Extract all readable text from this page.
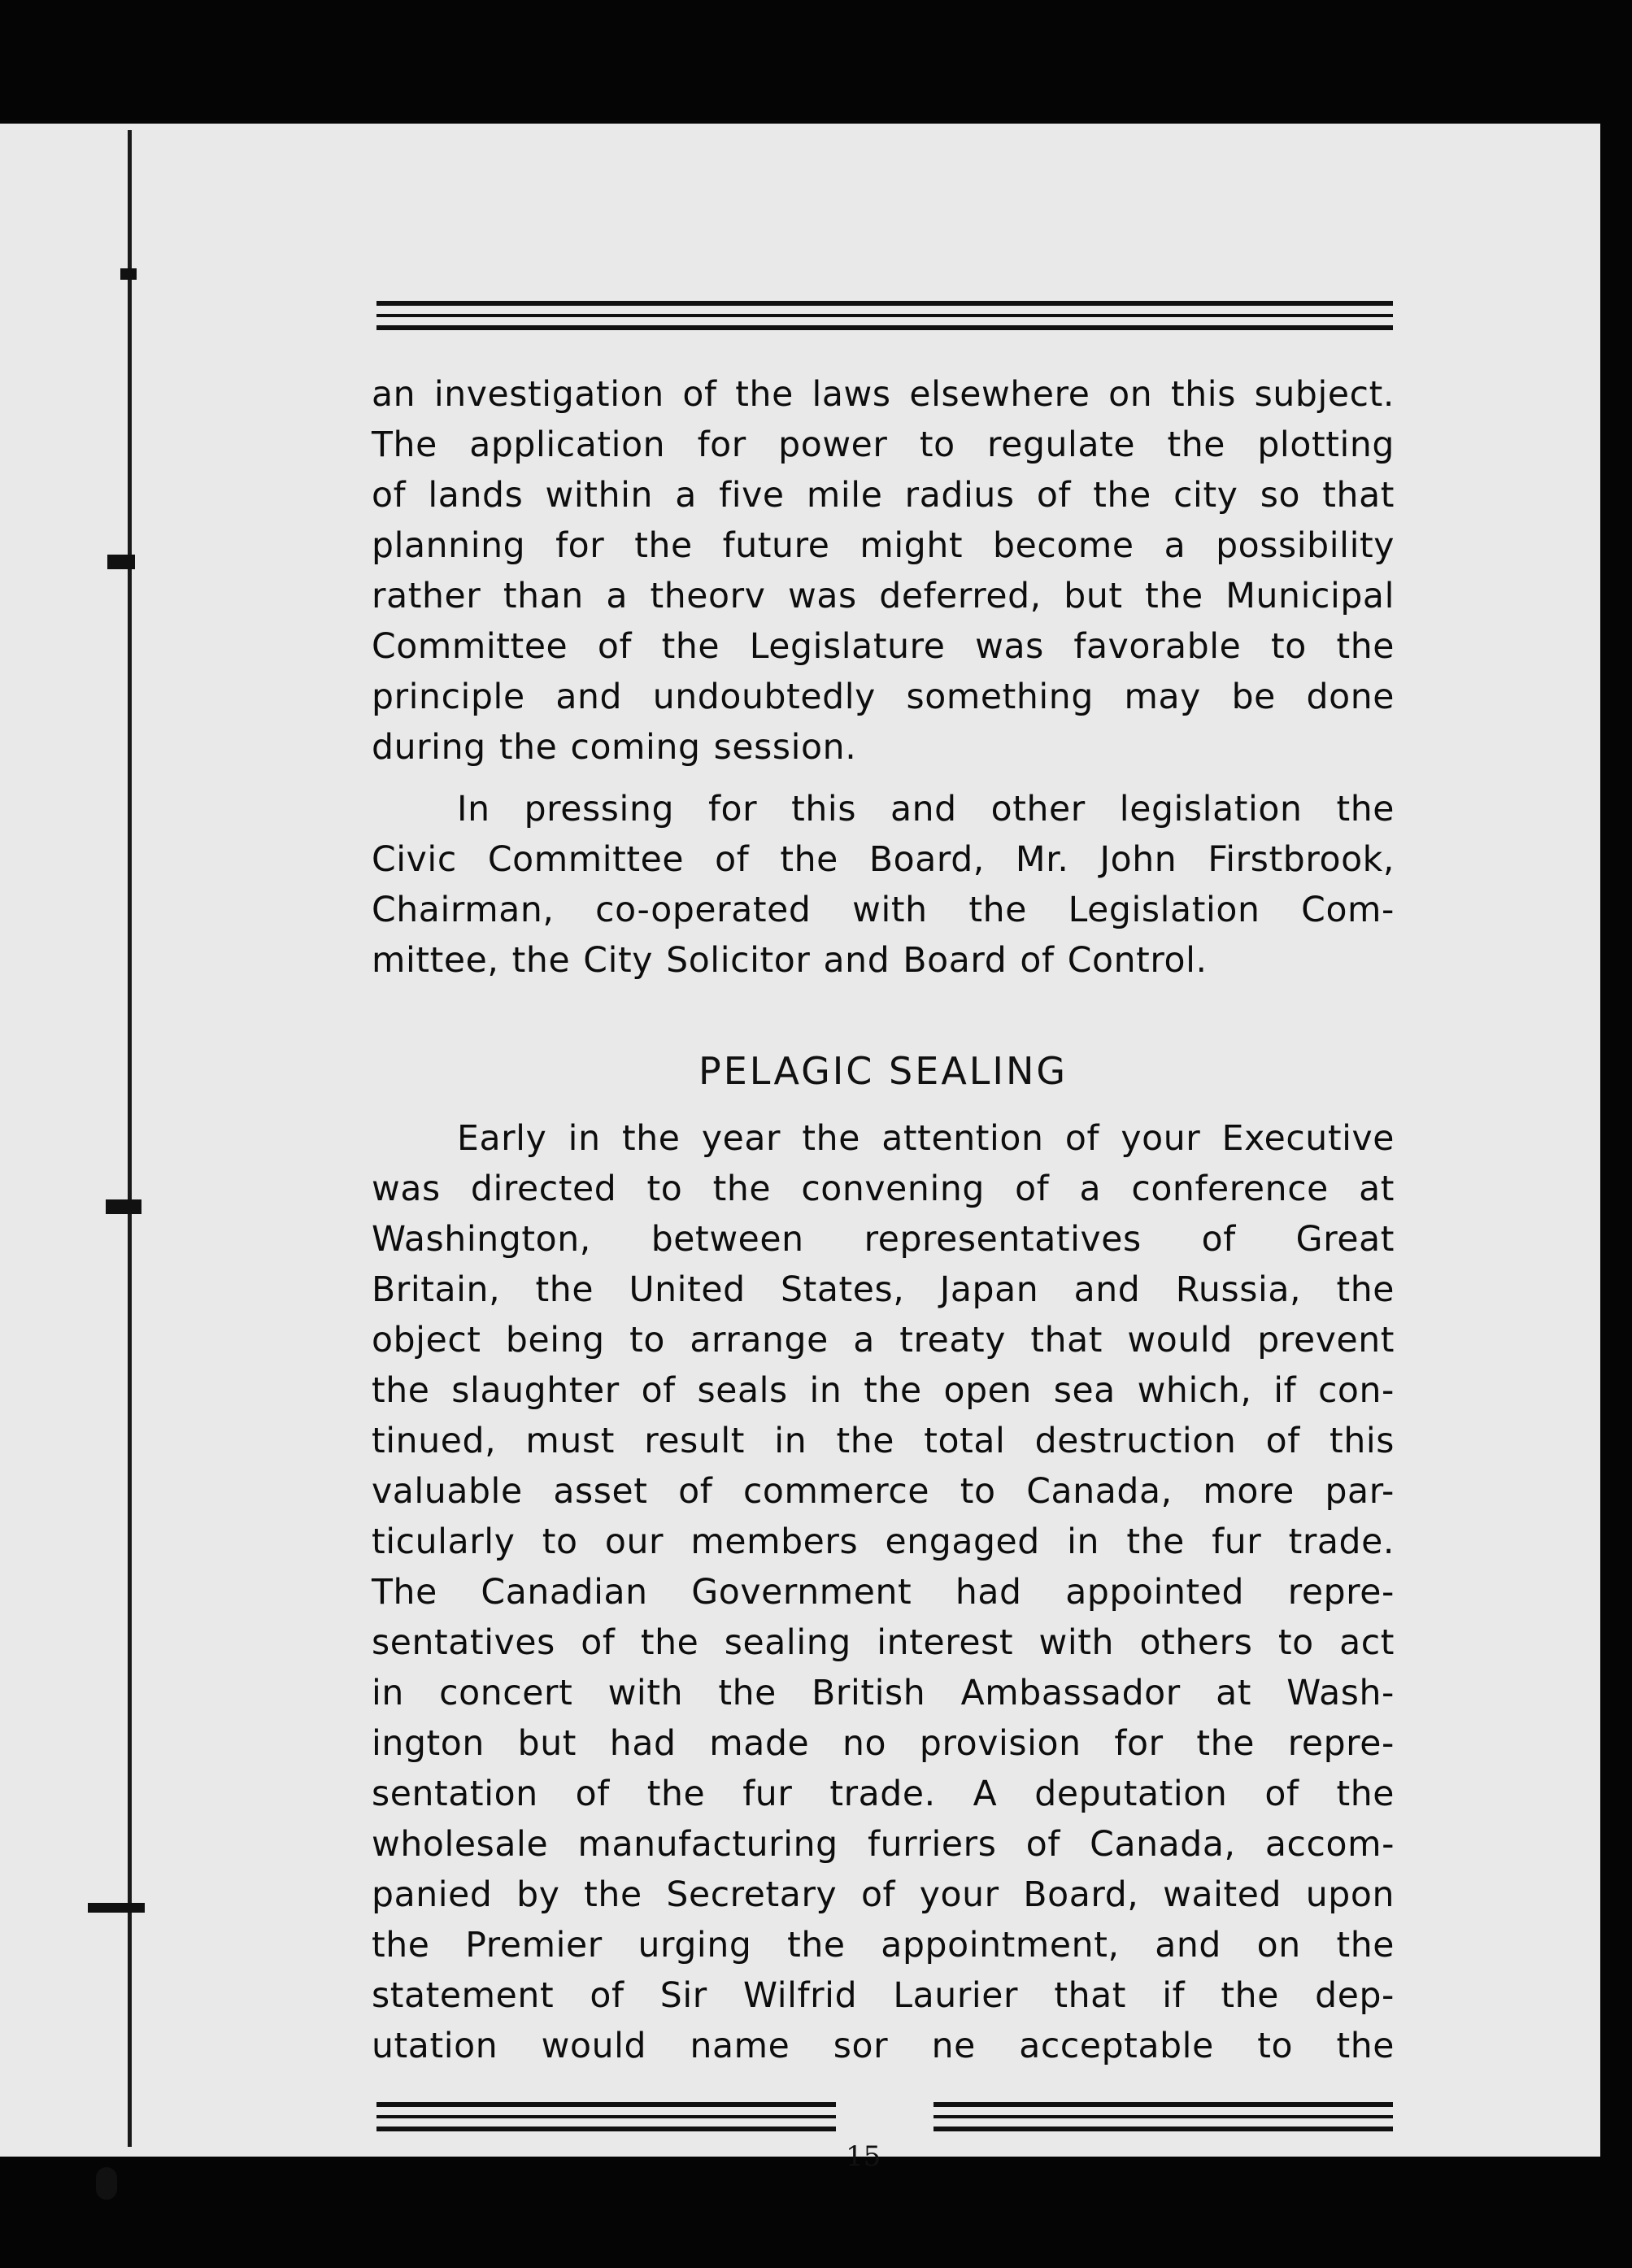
an investigation of the laws elsewhere on this subject.
The application for power to regulate the plotting
of lands within a five mile radius of the city so that
planning for the future might become a possibility
rather than a theorv was deferred, but the Municipal
Committee of the Legislature was favorable to the
principle and undoubtedly something may be done
during the coming session.

In pressing for this and other legislation the
Civic Committee of the Board, Mr. John Firstbrook,
Chairman, co-operated with the Legislation Com-
mittee, the City Solicitor and Board of Control.

PELAGIC SEALING

Early in the year the attention of your Executive
was directed to the convening of a conference at
Washington, between representatives of Great
Britain, the United States, Japan and Russia, the
object being to arrange a treaty that would prevent
the slaughter of seals in the open sea which, if con-
tinued, must result in the total destruction of this
valuable asset of commerce to Canada, more par-
ticularly to our members engaged in the fur trade.
The Canadian Government had appointed repre-
sentatives of the sealing interest with others to act
in concert with the British Ambassador at Wash-
ington but had made no provision for the repre-
sentation of the fur trade. A deputation of the
wholesale manufacturing furriers of Canada, accom-
panied by the Secretary of your Board, waited upon
the Premier urging the appointment, and on the
statement of Sir Wilfrid Laurier that if the dep-
utation would name sor ne acceptable to the

15
